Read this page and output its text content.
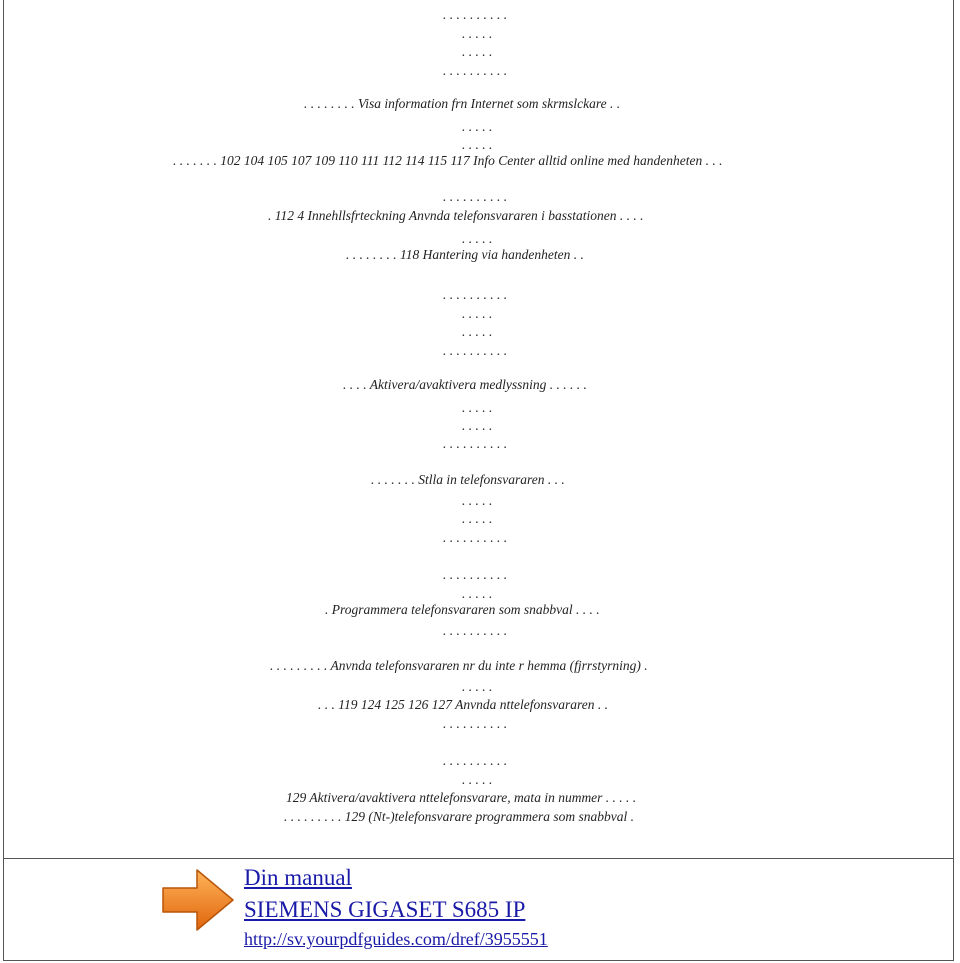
. . . . . . . . . .
. . . . .
. . . . .
. . . . . . . . . .
. . . . . . . . Visa information frn Internet som skrmslckare . .
. . . . .
. . . . .
. . . . . . . 102 104 105 107 109 110 111 112 114 115 117 Info Center alltid online med handenheten . . .
. . . . . . . . . .
. 112 4 Innehllsfrteckning Anvnda telefonsvararen i basstationen . . . .
. . . . .
. . . . . . . . 118 Hantering via handenheten . .
. . . . . . . . . .
. . . . .
. . . . .
. . . . . . . . . .
. . . . Aktivera/avaktivera medlyssning . . . . . .
. . . . .
. . . . .
. . . . . . . . . .
. . . . . . . Stlla in telefonsvararen . . .
. . . . .
. . . . .
. . . . . . . . . .
. . . . . . . . . .
. . . . .
. Programmera telefonsvararen som snabbval . . . .
. . . . . . . . . .
. . . . . . . . . Anvnda telefonsvararen nr du inte r hemma (fjrrstyrning) .
. . . . .
. . . 119 124 125 126 127 Anvnda nttelefonsvararen . .
. . . . . . . . . .
. . . . . . . . . .
. . . . .
129 Aktivera/avaktivera nttelefonsvarare, mata in nummer . . . . .
. . . . . . . . . 129 (Nt-)telefonsvarare programmera som snabbval .
Din manual
SIEMENS GIGASET S685 IP
http://sv.yourpdfguides.com/dref/3955551
